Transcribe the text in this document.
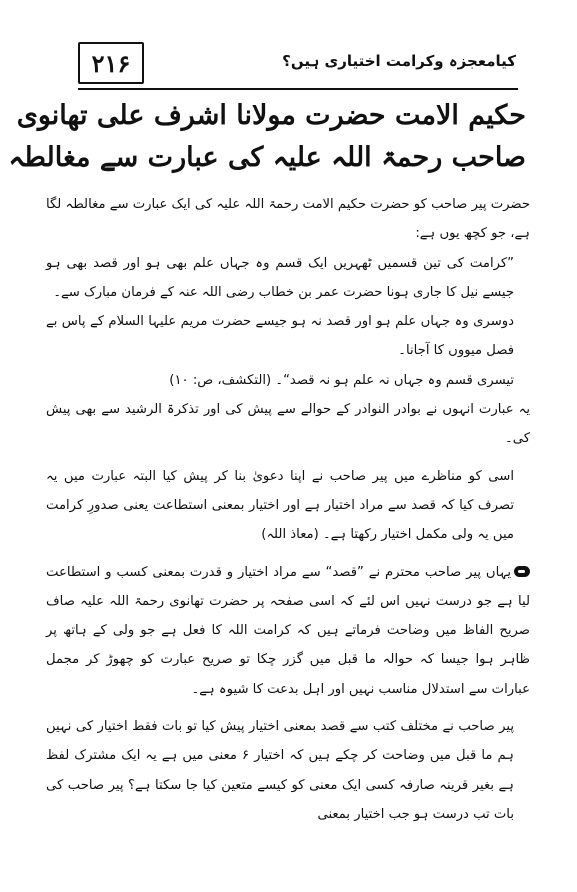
۲۱۶	کیامعجزہ وکرامت اختیاری ہیں؟
حکیم الامت حضرت مولانا اشرف علی تھانوی
صاحب رحمۃ اللہ علیہ کی عبارت سے مغالطہ

حضرت پیر صاحب کو حضرت حکیم الامت رحمۃ اللہ علیہ کی ایک عبارت سے مغالطہ لگا ہے، جو کچھ یوں ہے:

”کرامت کی تین قسمیں ٹھہریں ایک قسم وہ جہاں علم بھی ہو اور قصد بھی ہو جیسے نیل کا جاری ہونا حضرت عمر بن خطاب رضی اللہ عنہ کے فرمان مبارک سے۔

دوسری وہ جہاں علم ہو اور قصد نہ ہو جیسے حضرت مریم علیہا السلام کے پاس بے فصل میووں کا آجانا۔

تیسری قسم وہ جہاں نہ علم ہو نہ قصد“۔ (التکشف، ص: ۱۰)

یہ عبارت انہوں نے بوادر النوادر کے حوالے سے پیش کی اور تذکرۃ الرشید سے بھی پیش کی۔

اسی کو مناظرے میں پیر صاحب نے اپنا دعویٰ بنا کر پیش کیا البتہ عبارت میں یہ تصرف کیا کہ قصد سے مراد اختیار ہے اور اختیار بمعنی استطاعت یعنی صدورِ کرامت میں یہ ولی مکمل اختیار رکھتا ہے۔ (معاذ اللہ)

یہاں پیر صاحب محترم نے ”قصد“ سے مراد اختیار و قدرت بمعنی کسب و استطاعت لیا ہے جو درست نہیں اس لئے کہ اسی صفحہ پر حضرت تھانوی رحمۃ اللہ علیہ صاف صریح الفاظ میں وضاحت فرماتے ہیں کہ کرامت اللہ کا فعل ہے جو ولی کے ہاتھ پر ظاہر ہوا جیسا کہ حوالہ ما قبل میں گزر چکا تو صریح عبارت کو چھوڑ کر مجمل عبارات سے استدلال مناسب نہیں اور اہل بدعت کا شیوہ ہے۔

پیر صاحب نے مختلف کتب سے قصد بمعنی اختیار پیش کیا تو بات فقط اختیار کی نہیں ہم ما قبل میں وضاحت کر چکے ہیں کہ اختیار ۶ معنی میں ہے یہ ایک مشترک لفظ ہے بغیر قرینہ صارفہ کسی ایک معنی کو کیسے متعین کیا جا سکتا ہے؟ پیر صاحب کی بات تب درست ہو جب اختیار بمعنی
